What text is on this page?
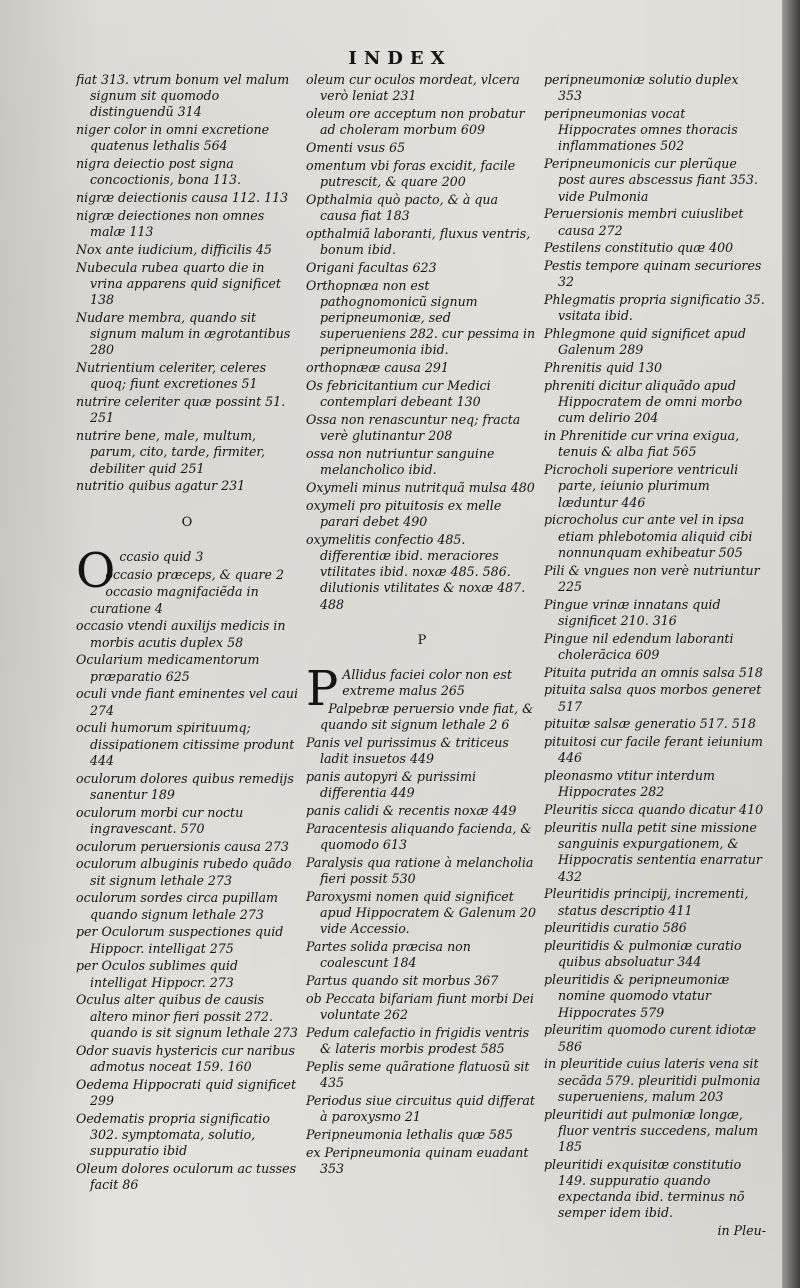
INDEX
fiat 313. vtrum bonum vel malum signum sit quomodo distinguendũ 314
niger color in omni excretione quatenus lethalis 564
nigra deiectio post signa concoctionis, bona 113.
nigræ deiectionis causa 112. 113
nigræ deiectiones non omnes malæ 113
Nox ante iudicium, difficilis 45
Nubecula rubea quarto die in vrina apparens quid significet 138
Nudare membra, quando sit signum malum in ægrotantibus 280
Nutrientium celeriter, celeres quoq; fiunt excretiones 51
nutrire celeriter quæ possint 51. 251
nutrire bene, male, multum, parum, cito, tarde, firmiter, debiliter quid 251
nutritio quibus agatur 231
O
Occasio quid 3
occasio præceps, & quare 2
occasio magnifaciẽda in curatione 4
occasio vtendi auxilijs medicis in morbis acutis duplex 58
Ocularium medicamentorum præparatio 625
oculi vnde fiant eminentes vel caui 274
oculi humorum spirituumq; dissipationem citissime produnt 444
oculorum dolores quibus remedijs sanentur 189
oculorum morbi cur noctu ingravescant. 570
oculorum peruersionis causa 273
oculorum albuginis rubedo quãdo sit signum lethale 273
oculorum sordes circa pupillam quando signum lethale 273
per Oculorum suspectiones quid Hippocr. intelligat 275
per Oculos sublimes quid intelligat Hippocr. 273
Oculus alter quibus de causis altero minor fieri possit 272. quando is sit signum lethale 273
Odor suavis hystericis cur naribus admotus noceat 159. 160
Oedema Hippocrati quid significet 299
Oedematis propria significatio 302. symptomata, solutio, suppuratio ibid
Oleum dolores oculorum ac tusses facit 86
oleum cur oculos mordeat, vlcera verò leniat 231
oleum ore acceptum non probatur ad choleram morbum 609
Omenti vsus 65
omentum vbi foras excidit, facile putrescit, & quare 200
Opthalmia quò pacto, & à qua causa fiat 183
opthalmiã laboranti, fluxus ventris, bonum ibid.
Origani facultas 623
Orthopnæa non est pathognomonicũ signum peripneumoniæ, sed superueniens 282. cur pessima in peripneumonia ibid.
orthopnææ causa 291
Os febricitantium cur Medici contemplari debeant 130
Ossa non renascuntur neq; fracta verè glutinantur 208
ossa non nutriuntur sanguine melancholico ibid.
Oxymeli minus nutritquã mulsa 480
oxymeli pro pituitosis ex melle parari debet 490
oxymelitis confectio 485. differentiæ ibid. meraciores vtilitates ibid. noxæ 485. 586. dilutionis vtilitates & noxæ 487. 488
P
P Allidus faciei color non est extreme malus 265
Palpebræ peruersio vnde fiat, & quando sit signum lethale 2 6
Panis vel purissimus & triticeus ladit insuetos 449
panis autopyri & purissimi differentia 449
panis calidi & recentis noxæ 449
Paracentesis aliquando facienda, & quomodo 613
Paralysis qua ratione à melancholia fieri possit 530
Paroxysmi nomen quid significet apud Hippocratem & Galenum 20 vide Accessio.
Partes solida præcisa non coalescunt 184
Partus quando sit morbus 367
ob Peccata bifariam fiunt morbi Dei voluntate 262
Pedum calefactio in frigidis ventris & lateris morbis prodest 585
Peplis seme quãratione flatuosũ sit 435
Periodus siue circuitus quid differat à paroxysmo 21
Peripneumonia lethalis quæ 585
ex Peripneumonia quinam euadant 353
peripneumoniæ solutio duplex 353
peripneumonias vocat Hippocrates omnes thoracis inflammationes 502
Peripneumonicis cur plerũque post aures abscessus fiant 353. vide Pulmonia
Peruersionis membri cuiuslibet causa 272
Pestilens constitutio quæ 400
Pestis tempore quinam securiores 32
Phlegmatis propria significatio 35. vsitata ibid.
Phlegmone quid significet apud Galenum 289
Phrenitis quid 130
phreniti dicitur aliquãdo apud Hippocratem de omni morbo cum delirio 204
in Phrenitide cur vrina exigua, tenuis & alba fiat 565
Picrocholi superiore ventriculi parte, ieiunio plurimum læduntur 446
picrocholus cur ante vel in ipsa etiam phlebotomia aliquid cibi nonnunquam exhibeatur 505
Pili & vngues non verè nutriuntur 225
Pingue vrinæ innatans quid significet 210. 316
Pingue nil edendum laboranti cholerãcica 609
Pituita putrida an omnis salsa 518
pituita salsa quos morbos generet 517
pituitæ salsæ generatio 517. 518
pituitosi cur facile ferant ieiunium 446
pleonasmo vtitur interdum Hippocrates 282
Pleuritis sicca quando dicatur 410
pleuritis nulla petit sine missione sanguinis expurgationem, & Hippocratis sententia enarratur 432
Pleuritidis principij, incrementi, status descriptio 411
pleuritidis curatio 586
pleuritidis & pulmoniæ curatio quibus absoluatur 344
pleuritidis & peripneumoniæ nomine quomodo vtatur Hippocrates 579
pleuritim quomodo curent idiotæ 586
in pleuritide cuius lateris vena sit secãda 579. pleuritidi pulmonia superueniens, malum 203
pleuritidi aut pulmoniæ longæ, fluor ventris succedens, malum 185
pleuritidi exquisitæ constitutio 149. suppuratio quando expectanda ibid. terminus nõ semper idem ibid.
in Pleu-
